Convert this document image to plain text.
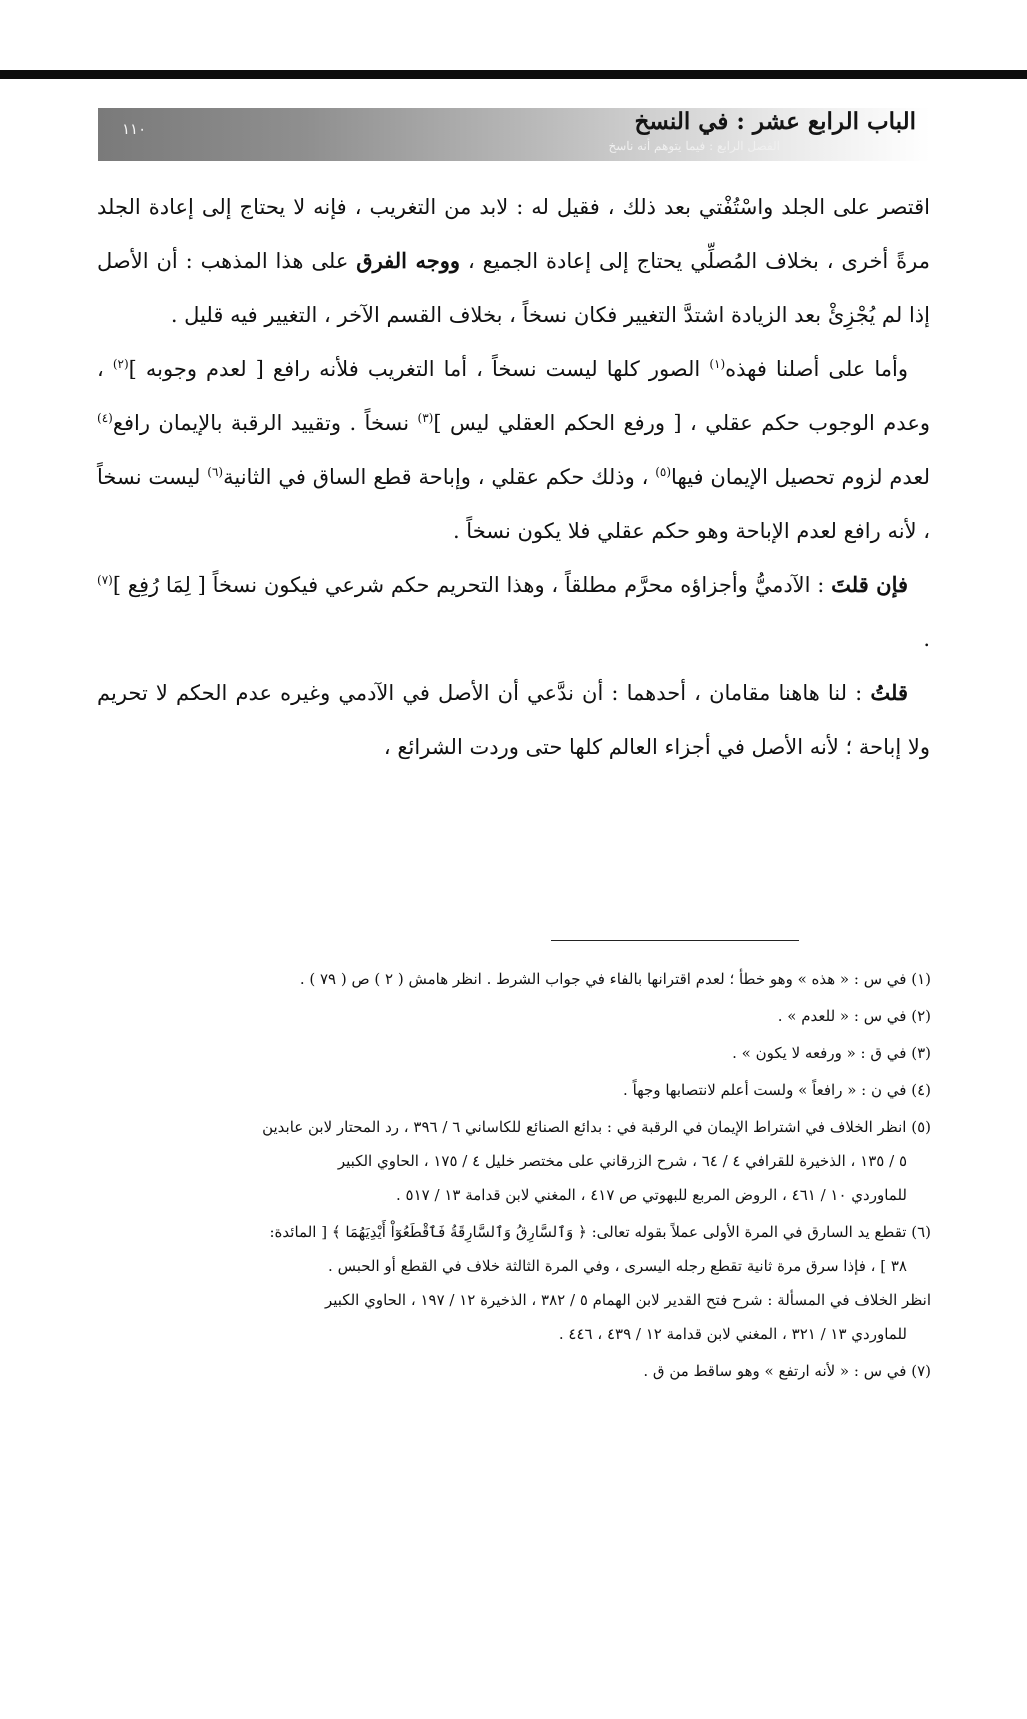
١١٠	الباب الرابع عشر : في النسخ
الفصل الرابع : فيما يتوهم أنه ناسخ

اقتصر على الجلد واسْتُفْتي بعد ذلك ، فقيل له : لابد من التغريب ، فإنه لا يحتاج إلى إعادة الجلد مرةً أخرى ، بخلاف المُصلِّي يحتاج إلى إعادة الجميع ، ووجه الفرق على هذا المذهب : أن الأصل إذا لم يُجْزِئْ بعد الزيادة اشتدَّ التغيير فكان نسخاً ، بخلاف القسم الآخر ، التغيير فيه قليل .

وأما على أصلنا فهذه$^{(١)}$ الصور كلها ليست نسخاً ، أما التغريب فلأنه رافع [ لعدم وجوبه ]$^{(٢)}$ ، وعدم الوجوب حكم عقلي ، [ ورفع الحكم العقلي ليس ]$^{(٣)}$ نسخاً . وتقييد الرقبة بالإيمان رافع$^{(٤)}$ لعدم لزوم تحصيل الإيمان فيها$^{(٥)}$ ، وذلك حكم عقلي ، وإباحة قطع الساق في الثانية$^{(٦)}$ ليست نسخاً ، لأنه رافع لعدم الإباحة وهو حكم عقلي فلا يكون نسخاً .

فإن قلتَ : الآدميُّ وأجزاؤه محرَّم مطلقاً ، وهذا التحريم حكم شرعي فيكون نسخاً [ لِمَا رُفِع ]$^{(٧)}$ .

قلتُ : لنا هاهنا مقامان ، أحدهما : أن ندَّعي أن الأصل في الآدمي وغيره عدم الحكم لا تحريم ولا إباحة ؛ لأنه الأصل في أجزاء العالم كلها حتى وردت الشرائع ،

(١) في س : « هذه » وهو خطأ ؛ لعدم اقترانها بالفاء في جواب الشرط . انظر هامش ( ٢ ) ص ( ٧٩ ) .

(٢) في س : « للعدم » .

(٣) في ق : « ورفعه لا يكون » .

(٤) في ن : « رافعاً » ولست أعلم لانتصابها وجهاً .

(٥) انظر الخلاف في اشتراط الإيمان في الرقبة في : بدائع الصنائع للكاساني ٦ / ٣٩٦ ، رد المحتار لابن عابدين
٥ / ١٣٥ ، الذخيرة للقرافي ٤ / ٦٤ ، شرح الزرقاني على مختصر خليل ٤ / ١٧٥ ، الحاوي الكبير
للماوردي ١٠ / ٤٦١ ، الروض المربع للبهوتي ص ٤١٧ ، المغني لابن قدامة ١٣ / ٥١٧ .
(٦) تقطع يد السارق في المرة الأولى عملاً بقوله تعالى: ﴿ وَٱلسَّارِقُ وَٱلسَّارِقَةُ فَٱقْطَعُوٓاْ أَيْدِيَهُمَا ﴾ [ المائدة:
٣٨ ] ، فإذا سرق مرة ثانية تقطع رجله اليسرى ، وفي المرة الثالثة خلاف في القطع أو الحبس .
انظر الخلاف في المسألة : شرح فتح القدير لابن الهمام ٥ / ٣٨٢ ، الذخيرة ١٢ / ١٩٧ ، الحاوي الكبير
للماوردي ١٣ / ٣٢١ ، المغني لابن قدامة ١٢ / ٤٣٩ ، ٤٤٦ .

(٧) في س : « لأنه ارتفع » وهو ساقط من ق .
